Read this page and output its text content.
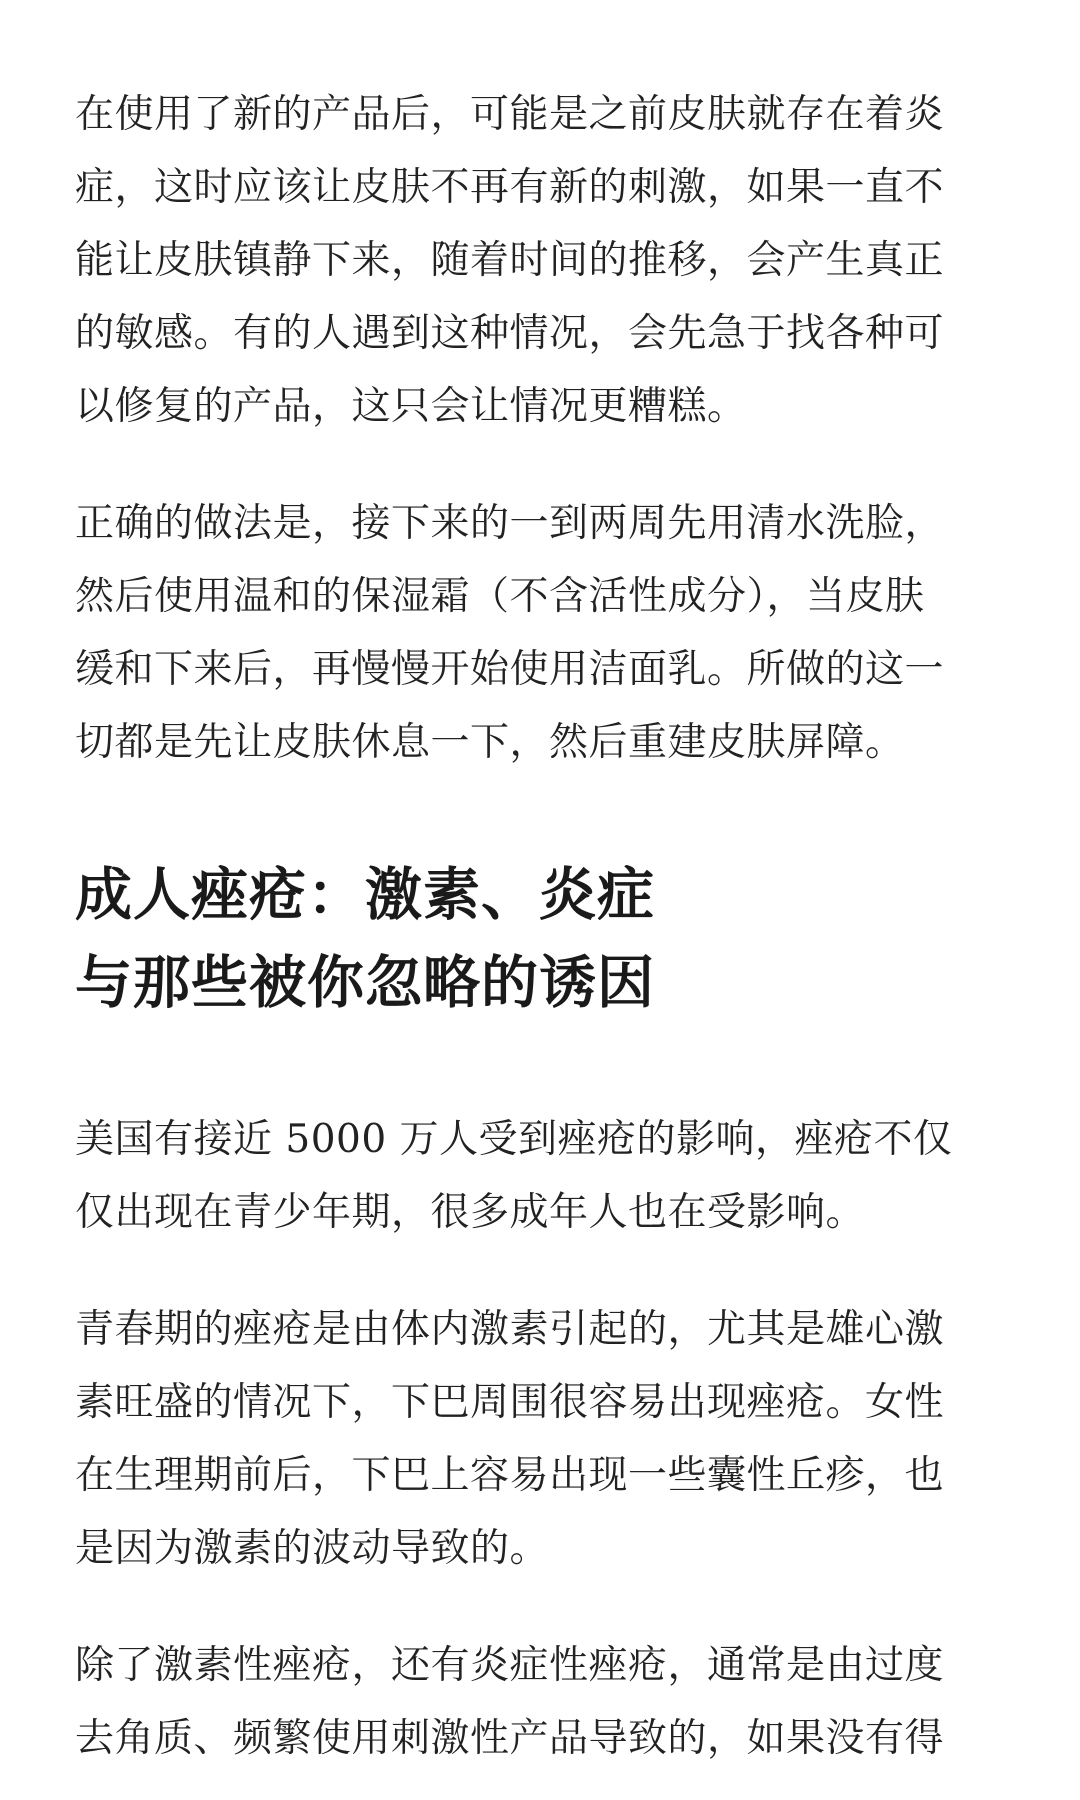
在使用了新的产品后，可能是之前皮肤就存在着炎
症，这时应该让皮肤不再有新的刺激，如果一直不
能让皮肤镇静下来，随着时间的推移，会产生真正
的敏感。有的人遇到这种情况，会先急于找各种可
以修复的产品，这只会让情况更糟糕。

正确的做法是，接下来的一到两周先用清水洗脸，
然后使用温和的保湿霜（不含活性成分），当皮肤
缓和下来后，再慢慢开始使用洁面乳。所做的这一
切都是先让皮肤休息一下，然后重建皮肤屏障。

成人痤疮：激素、炎症
与那些被你忽略的诱因

美国有接近 5000 万人受到痤疮的影响，痤疮不仅
仅出现在青少年期，很多成年人也在受影响。

青春期的痤疮是由体内激素引起的，尤其是雄心激
素旺盛的情况下，下巴周围很容易出现痤疮。女性
在生理期前后，下巴上容易出现一些囊性丘疹，也
是因为激素的波动导致的。

除了激素性痤疮，还有炎症性痤疮，通常是由过度
去角质、频繁使用刺激性产品导致的，如果没有得
